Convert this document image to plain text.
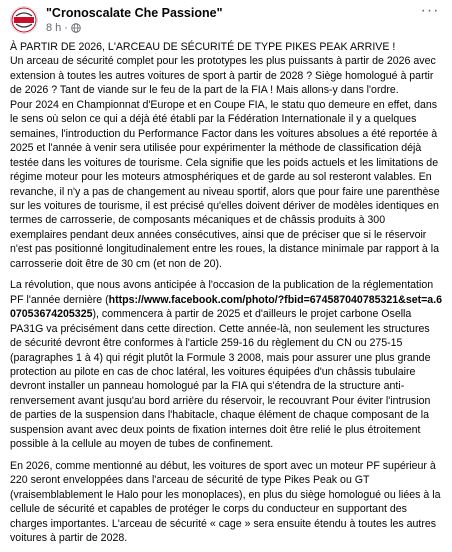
"Cronoscalate Che Passione"
8 h ·
···

À PARTIR DE 2026, L'ARCEAU DE SÉCURITÉ DE TYPE PIKES PEAK ARRIVE !

Un arceau de sécurité complet pour les prototypes les plus puissants à partir de 2026 avec extension à toutes les autres voitures de sport à partir de 2028 ? Siège homologué à partir de 2026 ? Tant de viande sur le feu de la part de la FIA ! Mais allons-y dans l'ordre.

Pour 2024 en Championnat d'Europe et en Coupe FIA, le statu quo demeure en effet, dans le sens où selon ce qui a déjà été établi par la Fédération Internationale il y a quelques semaines, l'introduction du Performance Factor dans les voitures absolues a été reportée à 2025 et l'année à venir sera utilisée pour expérimenter la méthode de classification déjà testée dans les voitures de tourisme. Cela signifie que les poids actuels et les limitations de régime moteur pour les moteurs atmosphériques et de garde au sol resteront valables. En revanche, il n'y a pas de changement au niveau sportif, alors que pour faire une parenthèse sur les voitures de tourisme, il est précisé qu'elles doivent dériver de modèles identiques en termes de carrosserie, de composants mécaniques et de châssis produits à 300 exemplaires pendant deux années consécutives, ainsi que de préciser que si le réservoir n'est pas positionné longitudinalement entre les roues, la distance minimale par rapport à la carrosserie doit être de 30 cm (et non de 20).

La révolution, que nous avons anticipée à l'occasion de la publication de la réglementation PF l'année dernière (https://www.facebook.com/photo/?fbid=674587040785321&set=a.607053674205325), commencera à partir de 2025 et d'ailleurs le projet carbone Osella PA31G va précisément dans cette direction. Cette année-là, non seulement les structures de sécurité devront être conformes à l'article 259-16 du règlement du CN ou 275-15 (paragraphes 1 à 4) qui régit plutôt la Formule 3 2008, mais pour assurer une plus grande protection au pilote en cas de choc latéral, les voitures équipées d'un châssis tubulaire devront installer un panneau homologué par la FIA qui s'étendra de la structure anti-renversement avant jusqu'au bord arrière du réservoir, le recouvrant Pour éviter l'intrusion de parties de la suspension dans l'habitacle, chaque élément de chaque composant de la suspension avant avec deux points de fixation internes doit être relié le plus étroitement possible à la cellule au moyen de tubes de confinement.

En 2026, comme mentionné au début, les voitures de sport avec un moteur PF supérieur à 220 seront enveloppées dans l'arceau de sécurité de type Pikes Peak ou GT (vraisemblablement le Halo pour les monoplaces), en plus du siège homologué ou liées à la cellule de sécurité et capables de protéger le corps du conducteur en supportant des charges importantes. L'arceau de sécurité « cage » sera ensuite étendu à toutes les autres voitures à partir de 2028.
